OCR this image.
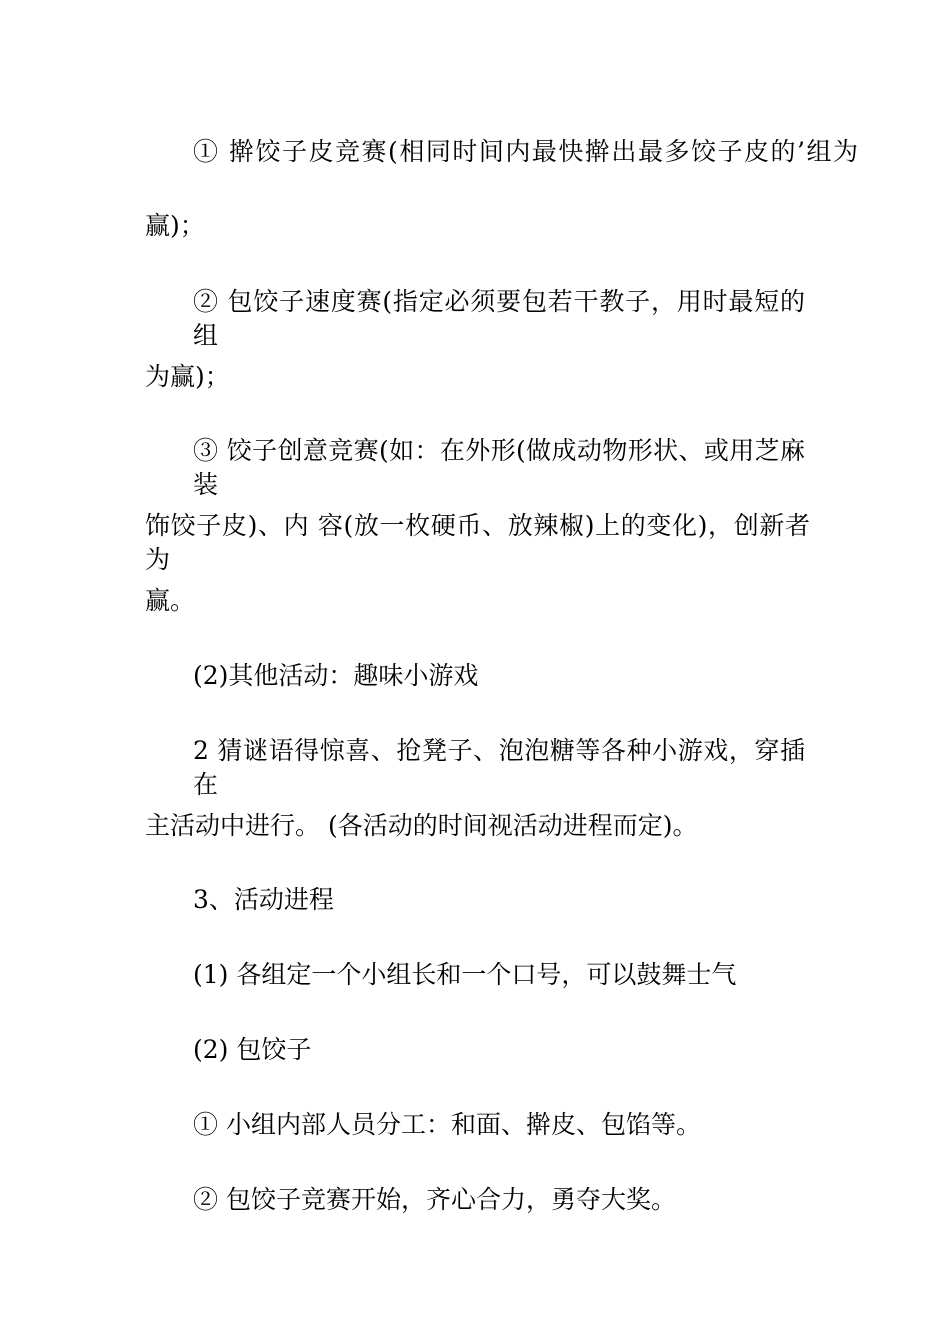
① 擀饺子皮竞赛(相同时间内最快擀出最多饺子皮的’组为
赢)；
② 包饺子速度赛(指定必须要包若干教子，用时最短的组
为赢)；
③ 饺子创意竞赛(如：在外形(做成动物形状、或用芝麻装
饰饺子皮)、内 容(放一枚硬币、放辣椒)上的变化)，创新者为
赢。
(2)其他活动：趣味小游戏
2 猜谜语得惊喜、抢凳子、泡泡糖等各种小游戏，穿插在
主活动中进行。 (各活动的时间视活动进程而定)。
3、活动进程
(1) 各组定一个小组长和一个口号，可以鼓舞士气
(2) 包饺子
① 小组内部人员分工：和面、擀皮、包馅等。
② 包饺子竞赛开始，齐心合力，勇夺大奖。
